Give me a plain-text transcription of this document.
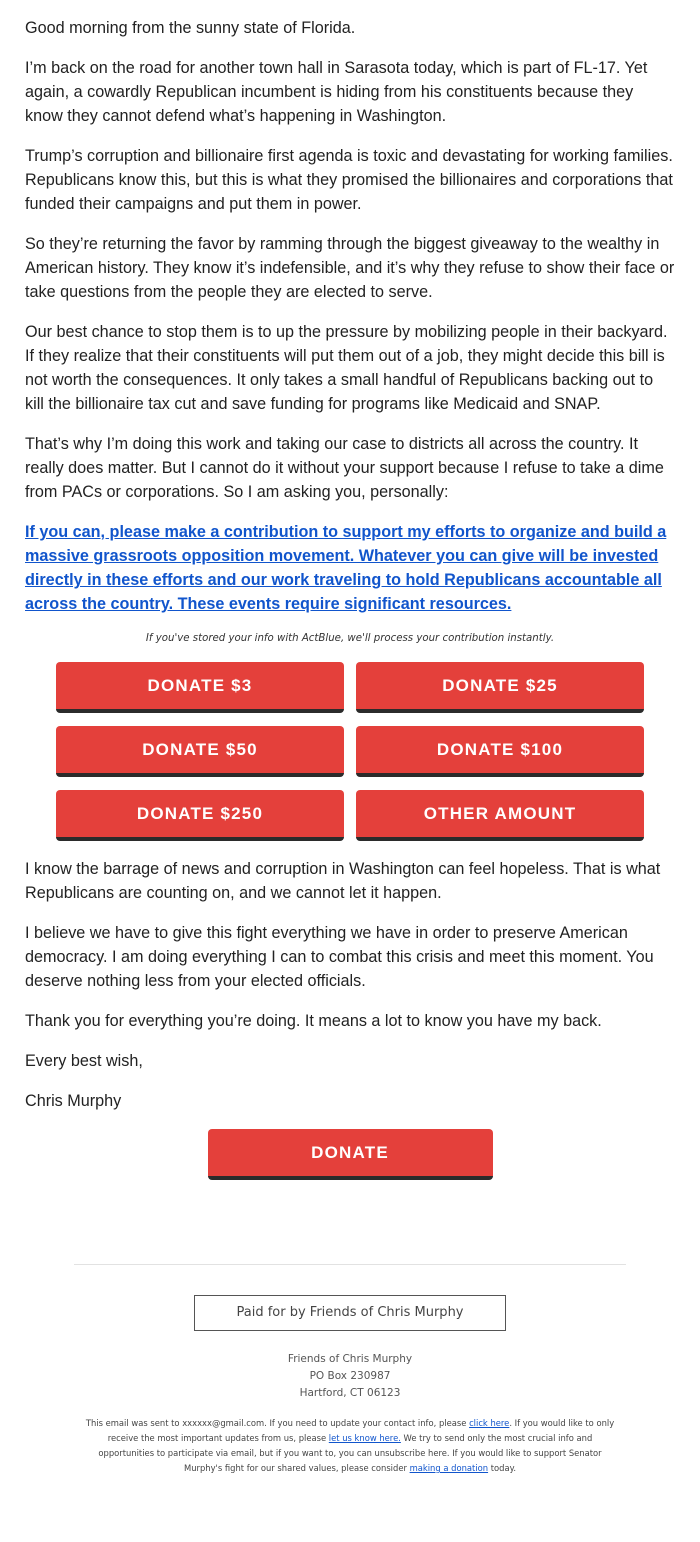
Good morning from the sunny state of Florida.

I’m back on the road for another town hall in Sarasota today, which is part of FL-17. Yet again, a cowardly Republican incumbent is hiding from his constituents because they know they cannot defend what’s happening in Washington.

Trump’s corruption and billionaire first agenda is toxic and devastating for working families. Republicans know this, but this is what they promised the billionaires and corporations that funded their campaigns and put them in power.

So they’re returning the favor by ramming through the biggest giveaway to the wealthy in American history. They know it’s indefensible, and it’s why they refuse to show their face or take questions from the people they are elected to serve.

Our best chance to stop them is to up the pressure by mobilizing people in their backyard. If they realize that their constituents will put them out of a job, they might decide this bill is not worth the consequences. It only takes a small handful of Republicans backing out to kill the billionaire tax cut and save funding for programs like Medicaid and SNAP.

That’s why I’m doing this work and taking our case to districts all across the country. It really does matter. But I cannot do it without your support because I refuse to take a dime from PACs or corporations. So I am asking you, personally:

If you can, please make a contribution to support my efforts to organize and build a massive grassroots opposition movement. Whatever you can give will be invested directly in these efforts and our work traveling to hold Republicans accountable all across the country. These events require significant resources.

If you've stored your info with ActBlue, we'll process your contribution instantly.

DONATE $3	DONATE $25
DONATE $50	DONATE $100
DONATE $250	OTHER AMOUNT

I know the barrage of news and corruption in Washington can feel hopeless. That is what Republicans are counting on, and we cannot let it happen.

I believe we have to give this fight everything we have in order to preserve American democracy. I am doing everything I can to combat this crisis and meet this moment. You deserve nothing less from your elected officials.

Thank you for everything you’re doing. It means a lot to know you have my back.

Every best wish,

Chris Murphy

DONATE
Paid for by Friends of Chris Murphy
Friends of Chris Murphy
PO Box 230987
Hartford, CT 06123
This email was sent to xxxxxx@gmail.com. If you need to update your contact info, please click here. If you would like to only receive the most important updates from us, please let us know here. We try to send only the most crucial info and opportunities to participate via email, but if you want to, you can unsubscribe here. If you would like to support Senator Murphy's fight for our shared values, please consider making a donation today.
